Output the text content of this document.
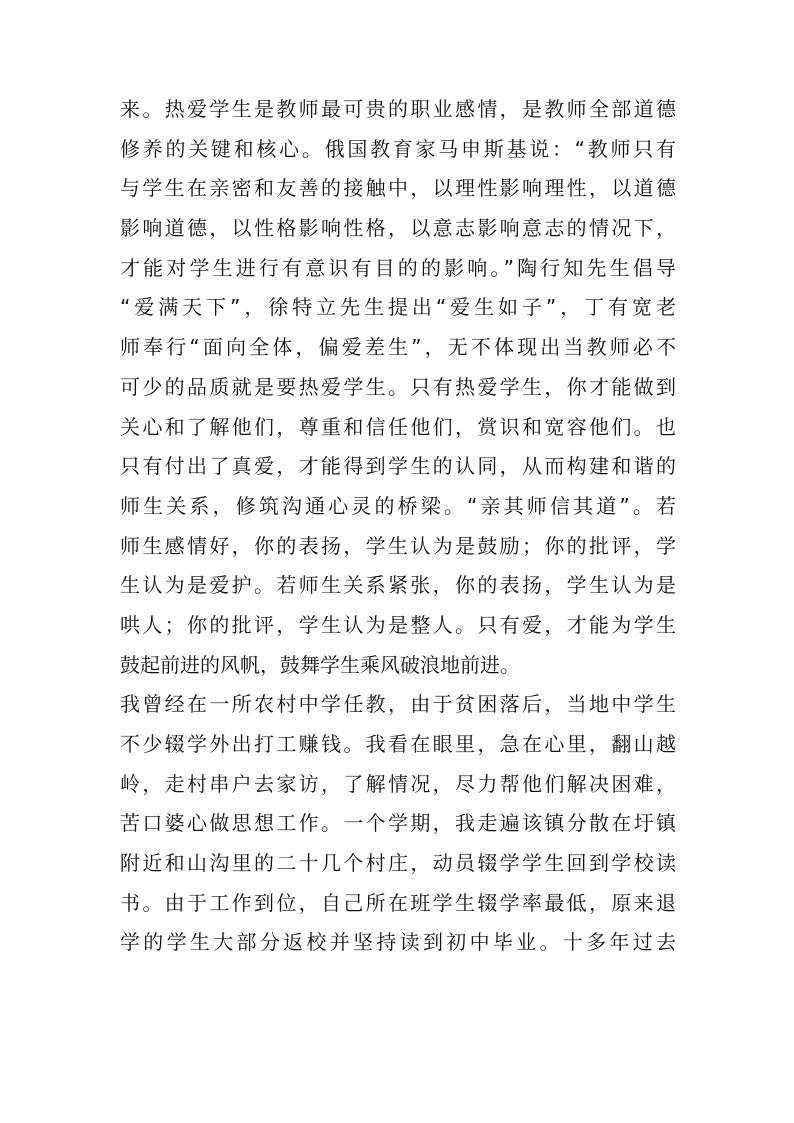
来。热爱学生是教师最可贵的职业感情，是教师全部道德
修养的关键和核心。俄国教育家马申斯基说：“教师只有
与学生在亲密和友善的接触中，以理性影响理性，以道德
影响道德，以性格影响性格，以意志影响意志的情况下，
才能对学生进行有意识有目的的影响。”陶行知先生倡导
“爱满天下”，徐特立先生提出“爱生如子”，丁有宽老
师奉行“面向全体，偏爱差生”，无不体现出当教师必不
可少的品质就是要热爱学生。只有热爱学生，你才能做到
关心和了解他们，尊重和信任他们，赏识和宽容他们。也
只有付出了真爱，才能得到学生的认同，从而构建和谐的
师生关系，修筑沟通心灵的桥梁。“亲其师信其道”。若
师生感情好，你的表扬，学生认为是鼓励；你的批评，学
生认为是爱护。若师生关系紧张，你的表扬，学生认为是
哄人；你的批评，学生认为是整人。只有爱，才能为学生
鼓起前进的风帆，鼓舞学生乘风破浪地前进。
我曾经在一所农村中学任教，由于贫困落后，当地中学生
不少辍学外出打工赚钱。我看在眼里，急在心里，翻山越
岭，走村串户去家访，了解情况，尽力帮他们解决困难，
苦口婆心做思想工作。一个学期，我走遍该镇分散在圩镇
附近和山沟里的二十几个村庄，动员辍学学生回到学校读
书。由于工作到位，自己所在班学生辍学率最低，原来退
学的学生大部分返校并坚持读到初中毕业。十多年过去
